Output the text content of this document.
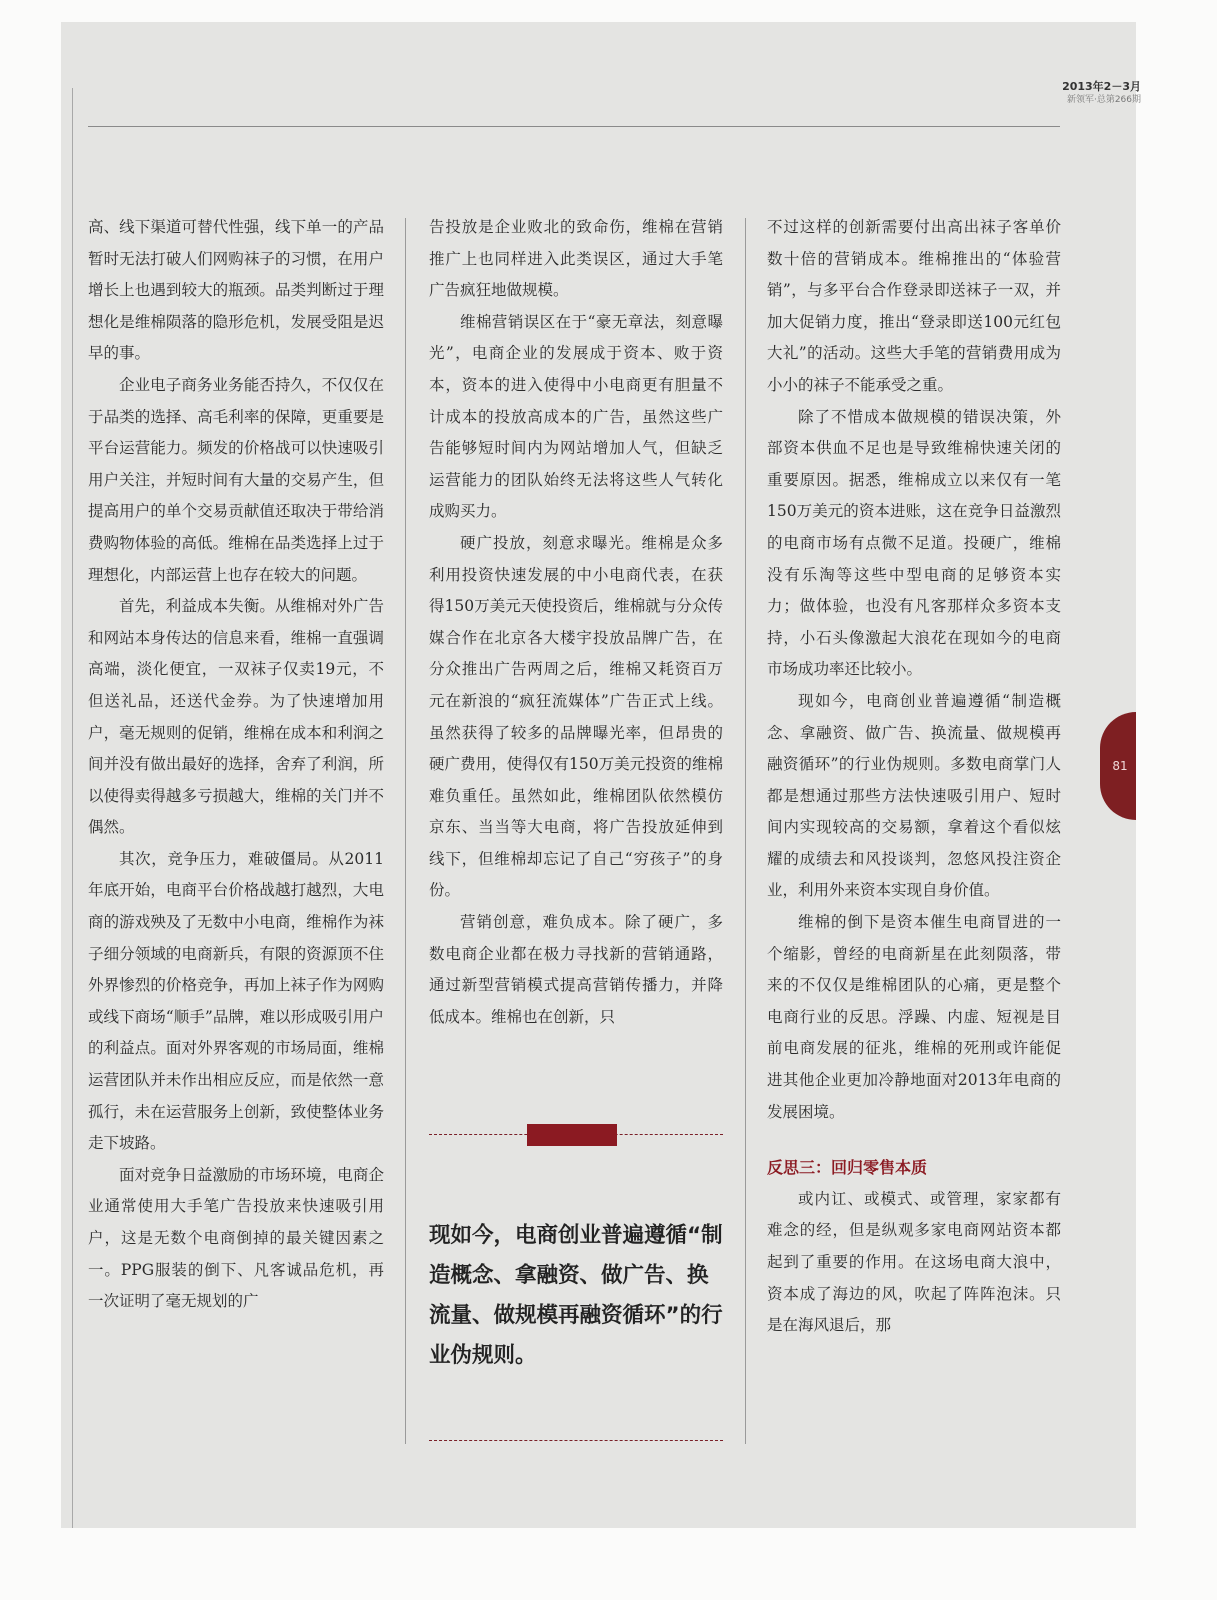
2013年2－3月
新领军·总第266期

高、线下渠道可替代性强，线下单一的产品暂时无法打破人们网购袜子的习惯，在用户增长上也遇到较大的瓶颈。品类判断过于理想化是维棉陨落的隐形危机，发展受阻是迟早的事。

企业电子商务业务能否持久，不仅仅在于品类的选择、高毛利率的保障，更重要是平台运营能力。频发的价格战可以快速吸引用户关注，并短时间有大量的交易产生，但提高用户的单个交易贡献值还取决于带给消费购物体验的高低。维棉在品类选择上过于理想化，内部运营上也存在较大的问题。

首先，利益成本失衡。从维棉对外广告和网站本身传达的信息来看，维棉一直强调高端，淡化便宜，一双袜子仅卖19元，不但送礼品，还送代金券。为了快速增加用户，毫无规则的促销，维棉在成本和利润之间并没有做出最好的选择，舍弃了利润，所以使得卖得越多亏损越大，维棉的关门并不偶然。

其次，竞争压力，难破僵局。从2011年底开始，电商平台价格战越打越烈，大电商的游戏殃及了无数中小电商，维棉作为袜子细分领域的电商新兵，有限的资源顶不住外界惨烈的价格竞争，再加上袜子作为网购或线下商场“顺手”品牌，难以形成吸引用户的利益点。面对外界客观的市场局面，维棉运营团队并未作出相应反应，而是依然一意孤行，未在运营服务上创新，致使整体业务走下坡路。

面对竞争日益激励的市场环境，电商企业通常使用大手笔广告投放来快速吸引用户，这是无数个电商倒掉的最关键因素之一。PPG服装的倒下、凡客诚品危机，再一次证明了毫无规划的广

告投放是企业败北的致命伤，维棉在营销推广上也同样进入此类误区，通过大手笔广告疯狂地做规模。

维棉营销误区在于“豪无章法，刻意曝光”，电商企业的发展成于资本、败于资本，资本的进入使得中小电商更有胆量不计成本的投放高成本的广告，虽然这些广告能够短时间内为网站增加人气，但缺乏运营能力的团队始终无法将这些人气转化成购买力。

硬广投放，刻意求曝光。维棉是众多利用投资快速发展的中小电商代表，在获得150万美元天使投资后，维棉就与分众传媒合作在北京各大楼宇投放品牌广告，在分众推出广告两周之后，维棉又耗资百万元在新浪的“疯狂流媒体”广告正式上线。虽然获得了较多的品牌曝光率，但昂贵的硬广费用，使得仅有150万美元投资的维棉难负重任。虽然如此，维棉团队依然模仿京东、当当等大电商，将广告投放延伸到线下，但维棉却忘记了自己“穷孩子”的身份。

营销创意，难负成本。除了硬广，多数电商企业都在极力寻找新的营销通路，通过新型营销模式提高营销传播力，并降低成本。维棉也在创新，只

现如今，电商创业普遍遵循“制造概念、拿融资、做广告、换流量、做规模再融资循环”的行业伪规则。

不过这样的创新需要付出高出袜子客单价数十倍的营销成本。维棉推出的“体验营销”，与多平台合作登录即送袜子一双，并加大促销力度，推出“登录即送100元红包大礼”的活动。这些大手笔的营销费用成为小小的袜子不能承受之重。

除了不惜成本做规模的错误决策，外部资本供血不足也是导致维棉快速关闭的重要原因。据悉，维棉成立以来仅有一笔150万美元的资本进账，这在竞争日益激烈的电商市场有点微不足道。投硬广，维棉没有乐淘等这些中型电商的足够资本实力；做体验，也没有凡客那样众多资本支持，小石头像激起大浪花在现如今的电商市场成功率还比较小。

现如今，电商创业普遍遵循“制造概念、拿融资、做广告、换流量、做规模再融资循环”的行业伪规则。多数电商掌门人都是想通过那些方法快速吸引用户、短时间内实现较高的交易额，拿着这个看似炫耀的成绩去和风投谈判，忽悠风投注资企业，利用外来资本实现自身价值。

维棉的倒下是资本催生电商冒进的一个缩影，曾经的电商新星在此刻陨落，带来的不仅仅是维棉团队的心痛，更是整个电商行业的反思。浮躁、内虚、短视是目前电商发展的征兆，维棉的死刑或许能促进其他企业更加冷静地面对2013年电商的发展困境。

反思三：回归零售本质

或内讧、或模式、或管理，家家都有难念的经，但是纵观多家电商网站资本都起到了重要的作用。在这场电商大浪中，资本成了海边的风，吹起了阵阵泡沫。只是在海风退后，那

81
